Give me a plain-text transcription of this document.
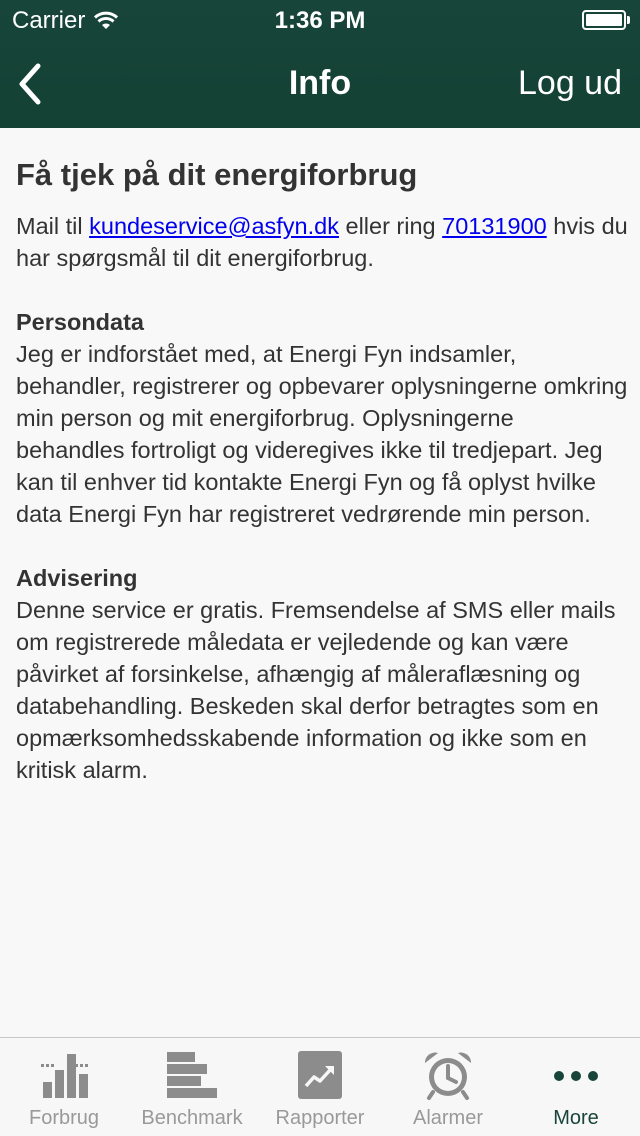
Carrier	1:36 PM
Info	Log ud
Få tjek på dit energiforbrug

Mail til kundeservice@asfyn.dk eller ring 70131900 hvis du har spørgsmål til dit energiforbrug.

Persondata

Jeg er indforstået med, at Energi Fyn indsamler, behandler, registrerer og opbevarer oplysningerne omkring min person og mit energiforbrug. Oplysningerne behandles fortroligt og videregives ikke til tredjepart. Jeg kan til enhver tid kontakte Energi Fyn og få oplyst hvilke data Energi Fyn har registreret vedrørende min person.

Advisering

Denne service er gratis. Fremsendelse af SMS eller mails om registrerede måledata er vejledende og kan være påvirket af forsinkelse, afhængig af måleraflæsning og databehandling. Beskeden skal derfor betragtes som en opmærksomhedsskabende information og ikke som en kritisk alarm.

Forbrug	Benchmark	Rapporter	Alarmer	More
